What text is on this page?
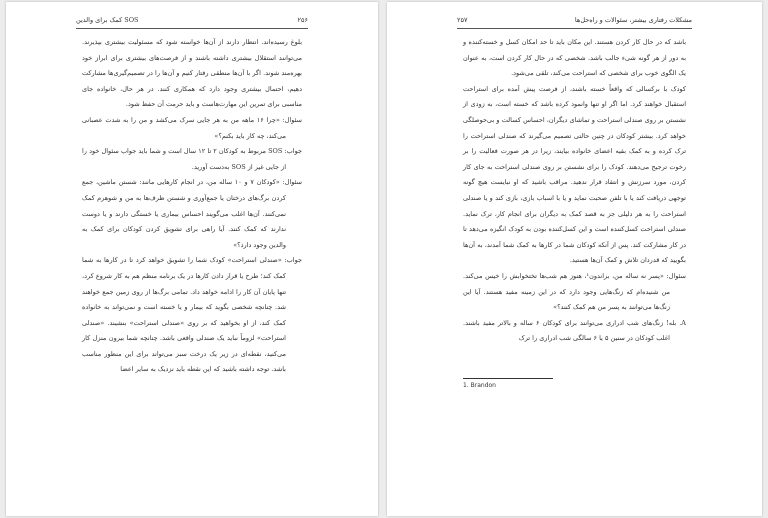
۲۵۶
SOS کمک برای والدین

بلوغ رسیده‌اند. انتظار دارند از آن‌ها خواسته شود که مسئولیت بیشتری بپذیرند. می‌توانند استقلال بیشتری داشته باشند و از فرصت‌های بیشتری برای ابراز خود بهره‌مند شوند. اگر با آن‌ها منطقی رفتار کنیم و آن‌ها را در تصمیم‌گیری‌ها مشارکت دهیم، احتمال بیشتری وجود دارد که همکاری کنند. در هر حال، خانواده جای مناسبی برای تمرین این مهارت‌هاست و باید حرمت آن حفظ شود.

سئوال: «چرا ۱۶ ماهه من به هر جایی سرک می‌کشد و من را به شدت عصبانی می‌کند، چه کار باید بکنم؟»

جواب: SOS مربوط به کودکان ۲ تا ۱۲ سال است و شما باید جواب سئوال خود را از جایی غیر از SOS به‌دست آورید.

سئوال: «کودکان ۷ و ۱۰ ساله من، در انجام کارهایی مانند: شستن ماشین، جمع کردن برگ‌های درختان یا جمع‌آوری و شستن ظرف‌ها به من و شوهرم کمک نمی‌کنند. آن‌ها اغلب می‌گویند احساس بیماری یا خستگی دارند و یا دوست ندارند که کمک کنند. آیا راهی برای تشویق کردن کودکان برای کمک به والدین وجود دارد؟»

جواب: «صندلی استراحت» کودک شما را تشویق خواهد کرد تا در کارها به شما کمک کند؛ طرح یا قرار دادن کارها در یک برنامه منظم هم به کار شروع کرد، تنها پایان آن کار را ادامه خواهد داد. تمامی برگ‌ها از روی زمین جمع خواهند شد. چنانچه شخصی بگوید که بیمار و یا خسته است و نمی‌تواند به خانواده کمک کند، از او بخواهید که بر روی «صندلی استراحت» بنشیند. «صندلی استراحت» لزوماً نباید یک صندلی واقعی باشد. چنانچه شما بیرون منزل کار می‌کنید، نقطه‌ای در زیر یک درخت سبز می‌تواند برای این منظور مناسب باشد. توجه داشته باشید که این نقطه باید نزدیک به سایر اعضا

۲۵۷	مشکلات رفتاری بیشتر، سئوالات و راه‌حل‌ها

باشد که در حال کار کردن هستند. این مکان باید تا حد امکان کسل و خسته‌کننده و به دور از هر گونه شیء جالب باشد. شخصی که در حال کار کردن است، به عنوان یک الگوی خوب برای شخصی که استراحت می‌کند، تلقی می‌شود.

کودک با برکسالی که واقعاً خسته باشند، از فرصت پیش آمده برای استراحت استقبال خواهند کرد. اما اگر او تنها وانمود کرده باشد که خسته است، به زودی از نشستن بر روی صندلی استراحت و تماشای دیگران، احساس کسالت و بی‌حوصلگی خواهد کرد. بیشتر کودکان در چنین حالتی تصمیم می‌گیرند که صندلی استراحت را ترک کرده و به کمک بقیه اعضای خانواده بیایند، زیرا در هر صورت فعالیت را بر رخوت ترجیح می‌دهند. کودک را برای نشستن بر روی صندلی استراحت به جای کار کردن، مورد سرزنش و انتقاد قرار ندهید. مراقب باشید که او نبایست هیچ گونه توجهی دریافت کند یا با تلفن صحبت نماید و یا با اسباب بازی، بازی کند و یا صندلی استراحت را به هر دلیلی جز به قصد کمک به دیگران برای انجام کار، ترک نماید. صندلی استراحت کسل‌کننده است و این کسل‌کننده بودن به کودک انگیزه می‌دهد تا در کار مشارکت کند. پس از آنکه کودکان شما در کارها به کمک شما آمدند، به آن‌ها بگویید که قدردان تلاش و کمک آن‌ها هستید.

سئوال: «پسر نه ساله من، براندون¹، هنوز هم شب‌ها تختخوابش را خیس می‌کند. من شنیده‌ام که زنگ‌هایی وجود دارد که در این زمینه مفید هستند. آیا این زنگ‌ها می‌توانند به پسر من هم کمک کنند؟»

A. بله! زنگ‌های شب ادراری می‌توانند برای کودکان ۶ ساله و بالاتر مفید باشند. اغلب کودکان در سنین ۵ یا ۶ سالگی شب ادراری را ترک

1. Brandon
